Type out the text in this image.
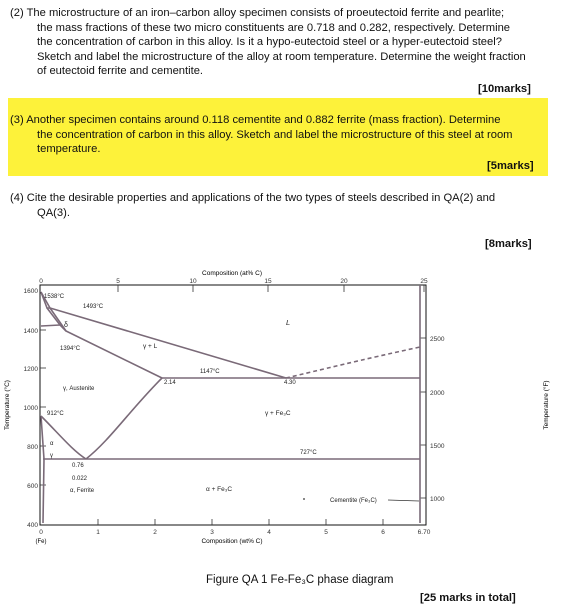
(2) The microstructure of an iron–carbon alloy specimen consists of proeutectoid ferrite and pearlite;

the mass fractions of these two micro constituents are 0.718 and 0.282, respectively. Determine

the concentration of carbon in this alloy. Is it a hypo-eutectoid steel or a hyper-eutectoid steel?

Sketch and label the microstructure of the alloy at room temperature. Determine the weight fraction

of eutectoid ferrite and cementite.

[10marks]

(3) Another specimen contains around 0.118 cementite and 0.882 ferrite (mass fraction). Determine

the concentration of carbon in this alloy. Sketch and label the microstructure of this steel at room

temperature.

[5marks]

(4) Cite the desirable properties and applications of the two types of steels described in QA(2) and

QA(3).

[8marks]
Composition (at% C)
0	5	10	15	20	25
1600
1400
1200
1000
800
600
400
Temperature (°C)
2500
2000
1500
1000
Temperature (°F)
0	1	2	3	4	5	6	6.70
(Fe)	Composition (wt% C)
1538°C
1493°C
δ
1394°C	γ + L
L
1147°C
2.14	4.30
γ, Austenite
912°C	γ + Fe₃C
727°C
α
γ
0.76
0.022
α, Ferrite	α + Fe₃C
Cementite (Fe₃C)
Figure QA 1 Fe-Fe₃C phase diagram
[25 marks in total]
